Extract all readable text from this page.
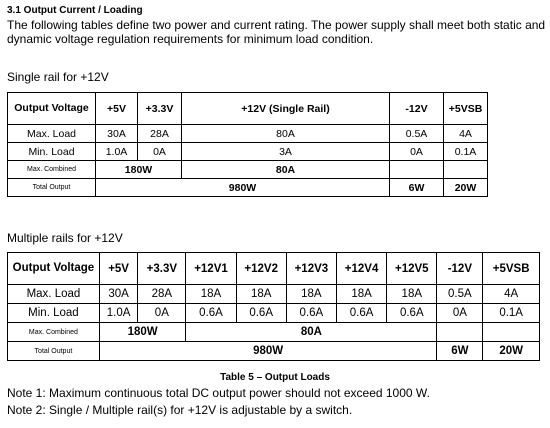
3.1 Output Current / Loading
The following tables define two power and current rating. The power supply shall meet both static and dynamic voltage regulation requirements for minimum load condition.
Single rail for +12V
Output Voltage	+5V	+3.3V	+12V (Single Rail)	-12V	+5VSB
Max. Load	30A	28A	80A	0.5A	4A
Min. Load	1.0A	0A	3A	0A	0.1A
Max. Combined	180W		80A		
Total Output	980W			6W	20W
Multiple rails for +12V
Output Voltage	+5V	+3.3V	+12V1	+12V2	+12V3	+12V4	+12V5	-12V	+5VSB
Max. Load	30A	28A	18A	18A	18A	18A	18A	0.5A	4A
Min. Load	1.0A	0A	0.6A	0.6A	0.6A	0.6A	0.6A	0A	0.1A
Max. Combined	180W		80A						
Total Output	980W							6W	20W
Table 5 – Output Loads
Note 1: Maximum continuous total DC output power should not exceed 1000 W.
Note 2: Single / Multiple rail(s) for +12V is adjustable by a switch.
